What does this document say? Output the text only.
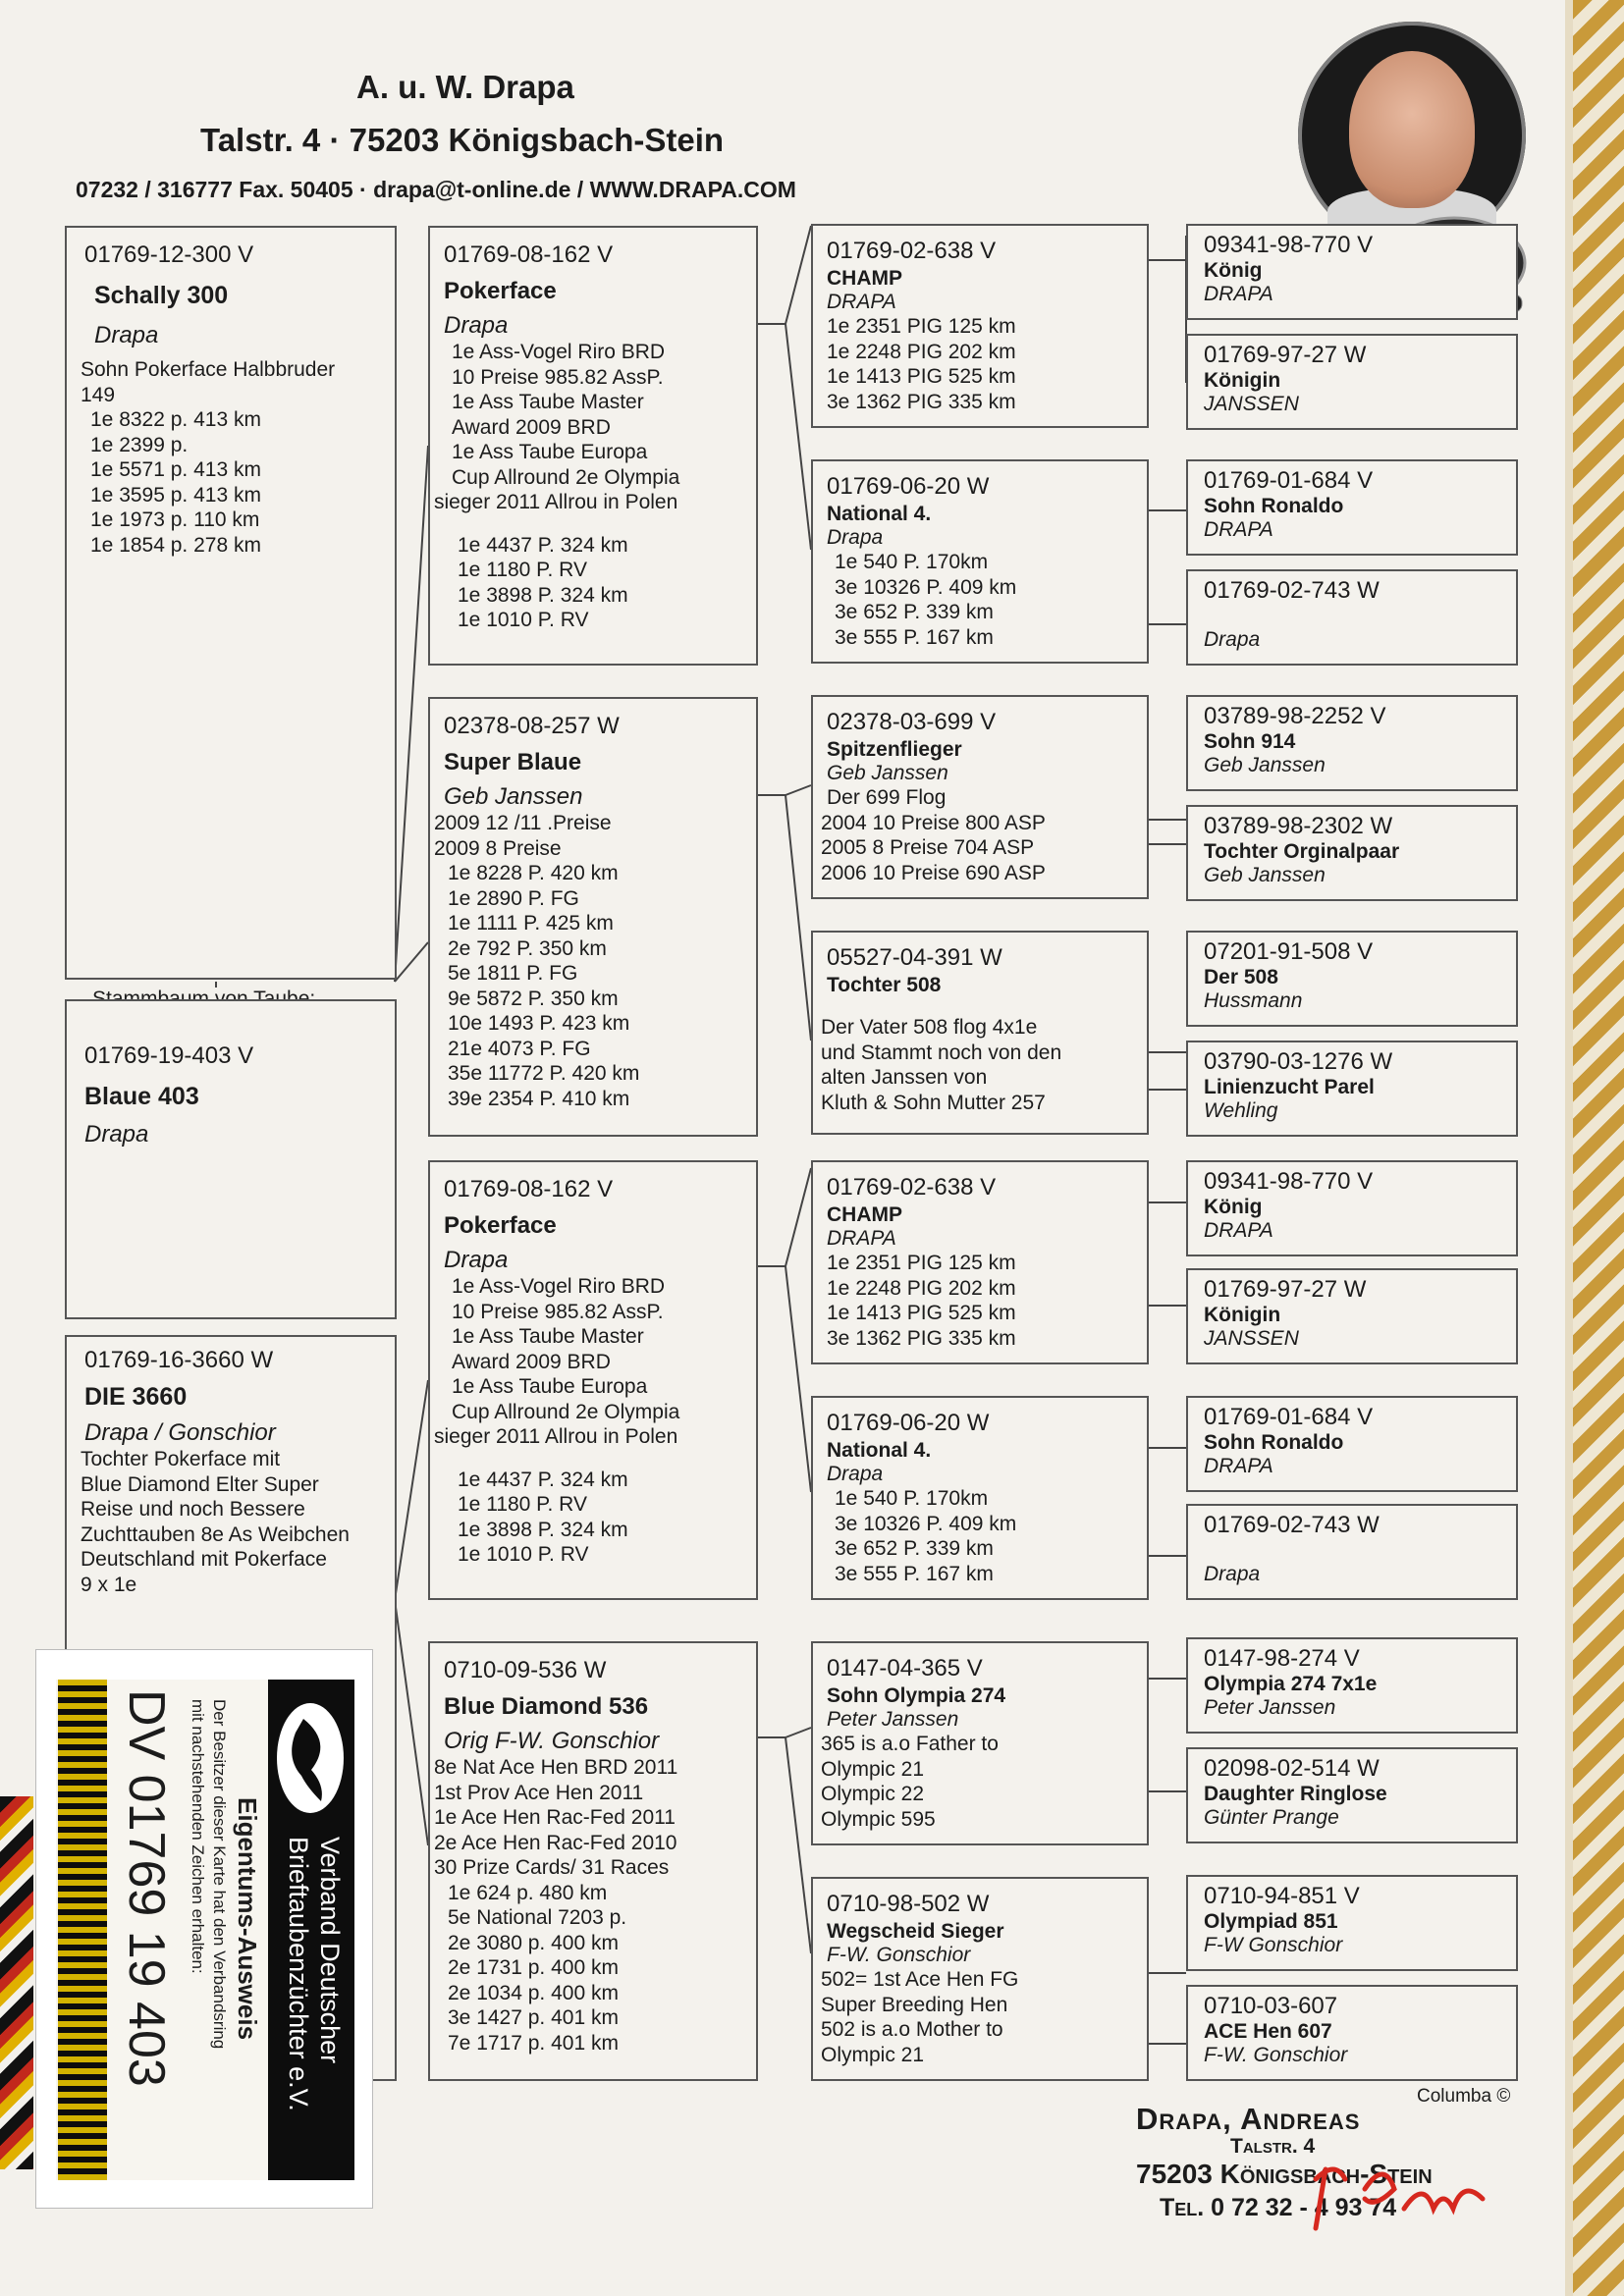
A. u. W. Drapa
Talstr. 4 · 75203 Königsbach-Stein
07232 / 316777 Fax. 50405 · drapa@t-online.de / WWW.DRAPA.COM
01769-12-300 V
Schally 300
Drapa
Sohn Pokerface Halbbruder
149
1e 8322 p. 413 km
1e 2399 p.
1e 5571 p. 413 km
1e 3595 p. 413 km
1e 1973 p. 110 km
1e 1854 p. 278 km
01769-19-403 V
Blaue 403
Drapa
01769-16-3660 W
DIE 3660
Drapa / Gonschior
Tochter Pokerface mit
Blue Diamond Elter Super
Reise und noch Bessere
Zuchttauben 8e As Weibchen
Deutschland mit Pokerface
9 x 1e
01769-08-162 V
Pokerface
Drapa
1e Ass-Vogel Riro BRD
10 Preise 985.82 AssP.
1e Ass Taube Master
Award 2009 BRD
1e Ass Taube Europa
Cup Allround 2e Olympia
sieger 2011 Allrou in Polen
1e 4437 P. 324 km
1e 1180 P. RV
1e 3898 P. 324 km
1e 1010 P. RV
02378-08-257 W
Super Blaue
Geb Janssen
2009 12 /11 .Preise
2009 8 Preise
1e 8228 P. 420 km
1e 2890 P. FG
1e 1111 P. 425 km
2e 792 P. 350 km
5e 1811 P. FG
9e 5872 P. 350 km
10e 1493 P. 423 km
21e 4073 P. FG
35e 11772 P. 420 km
39e 2354 P. 410 km
01769-08-162 V
Pokerface
Drapa
1e Ass-Vogel Riro BRD
10 Preise 985.82 AssP.
1e Ass Taube Master
Award 2009 BRD
1e Ass Taube Europa
Cup Allround 2e Olympia
sieger 2011 Allrou in Polen
1e 4437 P. 324 km
1e 1180 P. RV
1e 3898 P. 324 km
1e 1010 P. RV
0710-09-536 W
Blue Diamond 536
Orig F-W. Gonschior
8e Nat Ace Hen BRD 2011
1st Prov Ace Hen 2011
1e Ace Hen Rac-Fed 2011
2e Ace Hen Rac-Fed 2010
30 Prize Cards/ 31 Races
1e 624 p. 480 km
5e National 7203 p.
2e 3080 p. 400 km
2e 1731 p. 400 km
2e 1034 p. 400 km
3e 1427 p. 401 km
7e 1717 p. 401 km
01769-02-638 V
CHAMP
DRAPA
1e 2351 PIG 125 km
1e 2248 PIG 202 km
1e 1413 PIG 525 km
3e 1362 PIG 335 km
01769-06-20 W
National 4.
Drapa
1e 540 P. 170km
3e 10326 P. 409 km
3e 652 P. 339 km
3e 555 P. 167 km
02378-03-699 V
Spitzenflieger
Geb Janssen
Der 699 Flog
2004 10 Preise 800 ASP
2005 8 Preise 704 ASP
2006 10 Preise 690 ASP
05527-04-391 W
Tochter 508
Der Vater 508 flog 4x1e
und Stammt noch von den
alten Janssen von
Kluth & Sohn Mutter 257
01769-02-638 V
CHAMP
DRAPA
1e 2351 PIG 125 km
1e 2248 PIG 202 km
1e 1413 PIG 525 km
3e 1362 PIG 335 km
01769-06-20 W
National 4.
Drapa
1e 540 P. 170km
3e 10326 P. 409 km
3e 652 P. 339 km
3e 555 P. 167 km
0147-04-365 V
Sohn Olympia 274
Peter Janssen
365 is a.o Father to
Olympic 21
Olympic 22
Olympic 595
0710-98-502 W
Wegscheid Sieger
F-W. Gonschior
502= 1st Ace Hen FG
Super Breeding Hen
502 is a.o Mother to
Olympic 21
09341-98-770 V
König
DRAPA
01769-97-27 W
Königin
JANSSEN
01769-01-684 V
Sohn Ronaldo
DRAPA
01769-02-743 W
Drapa
03789-98-2252 V
Sohn 914
Geb Janssen
03789-98-2302 W
Tochter Orginalpaar
Geb Janssen
07201-91-508 V
Der 508
Hussmann
03790-03-1276 W
Linienzucht Parel
Wehling
09341-98-770 V
König
DRAPA
01769-97-27 W
Königin
JANSSEN
01769-01-684 V
Sohn Ronaldo
DRAPA
01769-02-743 W
Drapa
0147-98-274 V
Olympia 274 7x1e
Peter Janssen
02098-02-514 W
Daughter Ringlose
Günter Prange
0710-94-851 V
Olympiad 851
F-W Gonschior
0710-03-607
ACE Hen 607
F-W. Gonschior
Verband Deutscher
Brieftaubenzüchter e.V.
Eigentums-Ausweis
Der Besitzer dieser Karte hat den Verbandsring
mit nachstehenden Zeichen erhalten:
DV 01769 19 403
Drapa, Andreas
Talstr. 4
75203 Königsbach-Stein
Tel. 0 72 32 - 4 93 74
Columba ©
